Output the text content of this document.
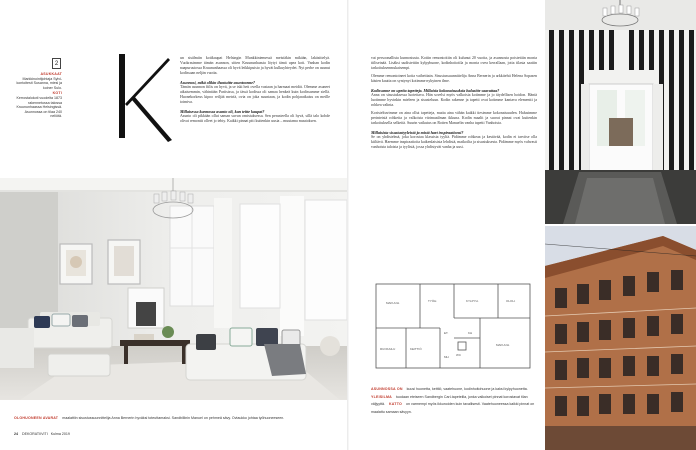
2
ASUKKAAT
Markkinointijohtaja Sylvi-kontoitesti Susanna, miesi ja koiner Sulo.
KOTI
Kerrostalokoti vuodelta 1873 rakennetussa talossa Kruununhaassa Helsingissä. Asunnossa on tilaa 240 neliötä.

un sisälmiin kotikaupat Helsingin Munkkiniemessä meistäkin mikään, lakäsittelyä. Vuokrasimme tämän asunnon, sitten Kruununhaasta löytyi tämä upea koti. Vanhan kodin naapurustossa Kruununhaassa oli hyvä leikkipuisto ja hyvät kulkuyhteydet. Nyt perhe on asunut kodissaan neljän vuotta.

Asunnosi, mikä olikin ihastuitte asuntoonne?

Tämän asunnon fiilis on hyvä, ja se iski heti ovella vastaan ja harmaat meidät. Olemme asuneet aikaisemmin, vähintään Pariisissa, ja tässä kodissa oli samaa henkeä kuin kodissamme siellä. Huonekorkeus kipoo reiljää metriä, ovia on joka suuntaan, ja kodin pohjaratkaisu on meille toimiva.

Millaisessa kunnossa asunto oli, kun teitte kaupat?

Asunto oli pikkään ollut saman suvun omistuksessa. Sen perusteella oli hyvä, sillä talo kohde olivat remontit olleet jo tehty. Kaikki pinnat piti kuitenkin uusia – muutama muutoksen.

OLOHUONEEN AVARAT maalattiin sisustussuunnittelija Anna Bernerin hyväksi toteuttamaksi. Sandbillinin Manuel on pehmeä sävy. Oviaukko johtaa työhuoneeseen.
24 DEKORATIIVITI Kulma 2019

vat persoonallista kunnostusta. Kotiin remontoitiin oli kulunut 20 vuotta, ja asunnosta poistettiin monta tiiliseinää. Lisäksi uudistettiin kylpyhuone, kodinhoitotila ja monta ovea kerrallaan, jotta tilasta saatiin tarkoituksenmukaisempi.

Olemme remontoineet kotia vaiheittain. Sisustussuunnittelija Anna Bernerin ja arkkitehti Helena Sopasen käsien kautta on syntynyt kotimme nykyinen ilme.

Kodissanne on upeita tapetteja. Millaisia kokonaisuuksia halusitte saavuttaa?

Anna on sisustuksessa luotettava. Hän sovelsi myös valkoisia kotimme ja jo täydellisen hoidon. Häntä luotimme hyvinkin mieleen ja sisusteluun. Kodin rakenne ja tapetti ovat kotimme kantava elementti ja rohkea valinta.

Koristeltuvimme on aina ollut tapetteja, mutta aina vähän kaikki tiesimme kokonaisuuden. Halusimme perinteistä rohkeita ja valkoista värimaailman ikkuna. Kodin maalit ja suorat pinnat ovat kuitenkin tarkoituksella selkeitä. Suurin vaikutus on Rotten Manuelin vanha tapetti Vanhoista.

Millaisista sisustustyyleistä ja mistä haet inspiraationsi?

Se on yhdistelmä, joka korostaa klassista tyyliä. Pidämme rohkeaa ja kestävää, kodin ei tarvitse olla kiiltävä. Haemme inspiraatioita kaikenlaisista lehdistä, matkoilta ja sisustuksesta. Pidämme myös vahvasti vanhoista taloista ja tyylistä, jossa yhdistyvät vanha ja uusi.

MAKUUH.	TYÖH.	KYLPYH.	OLOH.
ET.
KEITTIÖ
RUOKAILU
WC
KH
MH
MAKUUH.
ASUNNOSSA ON kuusi huonetta, keittiö, vaatehuone, kodinhoitohuone ja kaksi kylpyhuonetta. YLEISILMA tuodaan eteiseen Sandbergin Carl-tapeteilla, jonka valkoiset pinnat korostavat tilan väljyyttä. KATTO on varmempi myös ikkunoiden kuin tavallisesti. Vaatehuoneessa kaikki pinnat on maalattu samaan sävyyn.
